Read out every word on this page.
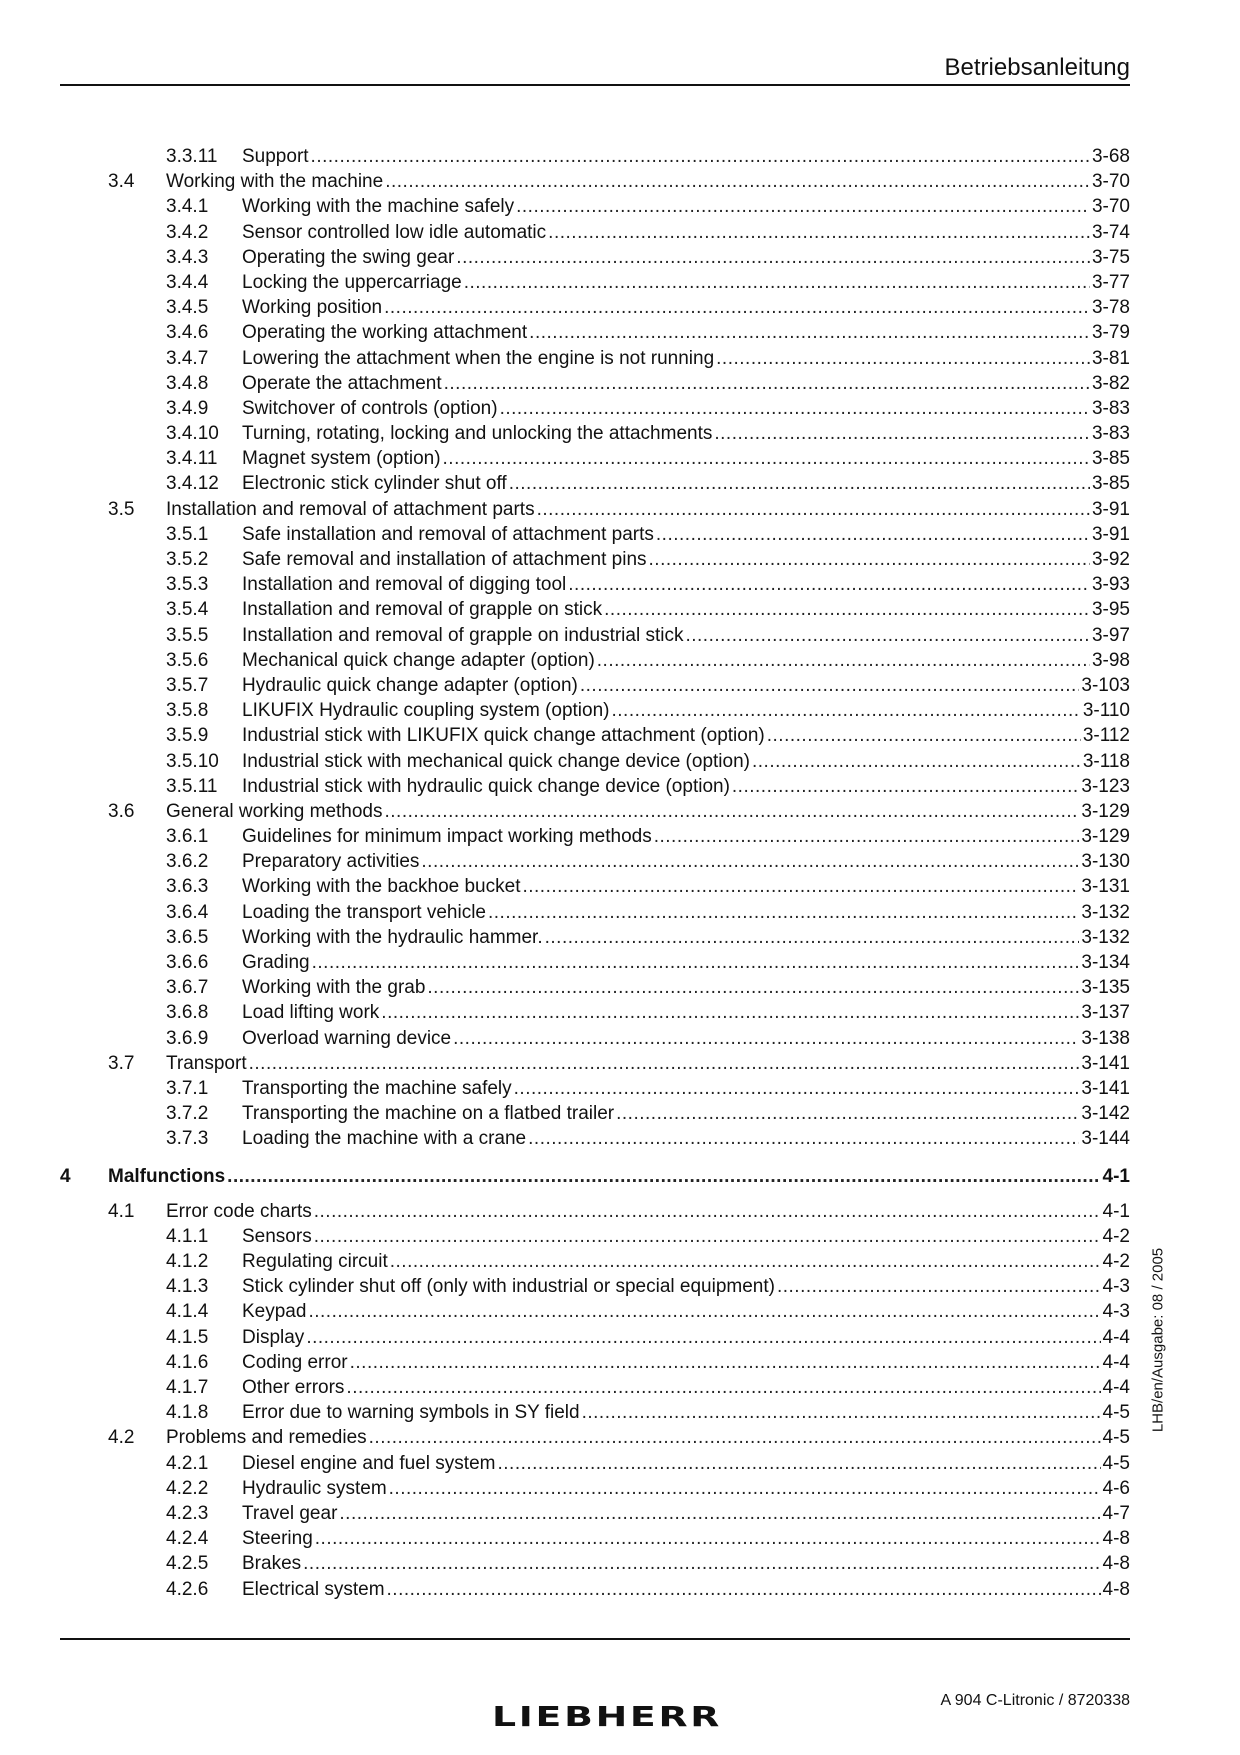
Betriebsanleitung
3.3.11	Support .....	3-68
3.4	Working with the machine .....	3-70
3.4.1	Working with the machine safely .....	3-70
3.4.2	Sensor controlled low idle automatic .....	3-74
3.4.3	Operating the swing gear .....	3-75
3.4.4	Locking the uppercarriage .....	3-77
3.4.5	Working position .....	3-78
3.4.6	Operating the working attachment .....	3-79
3.4.7	Lowering the attachment when the engine is not running .....	3-81
3.4.8	Operate the attachment .....	3-82
3.4.9	Switchover of controls (option) .....	3-83
3.4.10	Turning, rotating, locking and unlocking the attachments .....	3-83
3.4.11	Magnet system (option) .....	3-85
3.4.12	Electronic stick cylinder shut off .....	3-85
3.5	Installation and removal of attachment parts .....	3-91
3.5.1	Safe installation and removal of attachment parts .....	3-91
3.5.2	Safe removal and installation of attachment pins .....	3-92
3.5.3	Installation and removal of digging tool .....	3-93
3.5.4	Installation and removal of grapple on stick .....	3-95
3.5.5	Installation and removal of grapple on industrial stick .....	3-97
3.5.6	Mechanical quick change adapter (option) .....	3-98
3.5.7	Hydraulic quick change adapter (option) .....	3-103
3.5.8	LIKUFIX Hydraulic coupling system (option) .....	3-110
3.5.9	Industrial stick with LIKUFIX quick change attachment (option) .....	3-112
3.5.10	Industrial stick with mechanical quick change device (option) .....	3-118
3.5.11	Industrial stick with hydraulic quick change device (option) .....	3-123
3.6	General working methods .....	3-129
3.6.1	Guidelines for minimum impact working methods .....	3-129
3.6.2	Preparatory activities .....	3-130
3.6.3	Working with the backhoe bucket .....	3-131
3.6.4	Loading the transport vehicle .....	3-132
3.6.5	Working with the hydraulic hammer. .....	3-132
3.6.6	Grading .....	3-134
3.6.7	Working with the grab .....	3-135
3.6.8	Load lifting work .....	3-137
3.6.9	Overload warning device .....	3-138
3.7	Transport .....	3-141
3.7.1	Transporting the machine safely .....	3-141
3.7.2	Transporting the machine on a flatbed trailer .....	3-142
3.7.3	Loading the machine with a crane .....	3-144
4	Malfunctions .....	4-1
4.1	Error code charts .....	4-1
4.1.1	Sensors .....	4-2
4.1.2	Regulating circuit .....	4-2
4.1.3	Stick cylinder shut off (only with industrial or special equipment) .....	4-3
4.1.4	Keypad .....	4-3
4.1.5	Display .....	4-4
4.1.6	Coding error .....	4-4
4.1.7	Other errors .....	4-4
4.1.8	Error due to warning symbols in SY field .....	4-5
4.2	Problems and remedies .....	4-5
4.2.1	Diesel engine and fuel system .....	4-5
4.2.2	Hydraulic system .....	4-6
4.2.3	Travel gear .....	4-7
4.2.4	Steering .....	4-8
4.2.5	Brakes .....	4-8
4.2.6	Electrical system .....	4-8
LHB/en/Ausgabe: 08 / 2005
A 904 C-Litronic / 8720338
LIEBHERR
